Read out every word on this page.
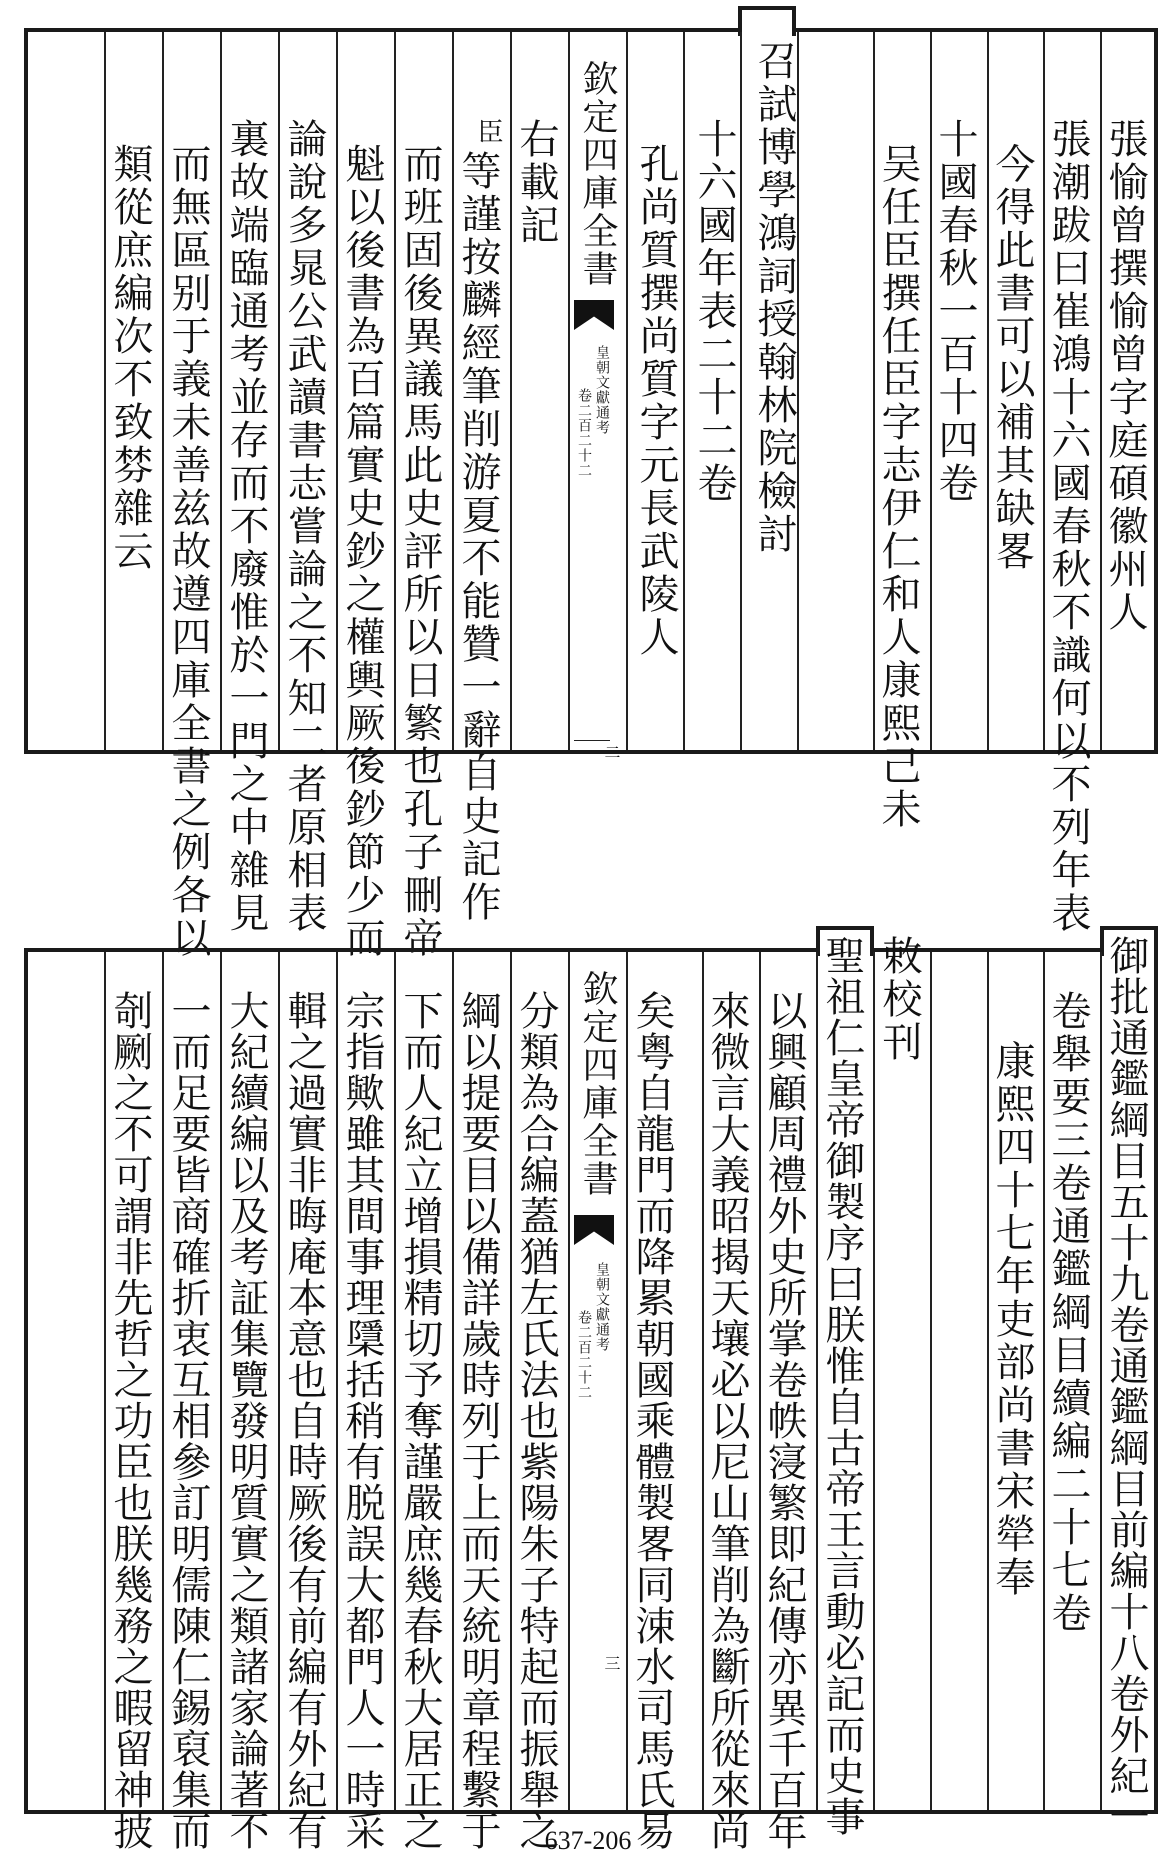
張愉曾撰愉曾字庭碩徽州人
張潮跋曰崔鴻十六國春秋不識何以不列年表
今得此書可以補其缺畧
十國春秋一百十四卷
吴任臣撰任臣字志伊仁和人康熙己未
召試博學鴻詞授翰林院檢討
十六國年表二十二卷
孔尚質撰尚質字元長武陵人
欽定四庫全書
皇朝文獻通考
卷二百二十二
二
右載記
臣
等謹按麟經筆削游夏不能贊一辭自史記作
而班固後異議馬此史評所以日繁也孔子刪帝
魁以後書為百篇實史鈔之權輿厥後鈔節少而
論說多晁公武讀書志嘗論之不知二者原相表
裏故端臨通考並存而不廢惟於一門之中雜見
而無區别于義未善兹故遵四庫全書之例各以
類從庶編次不致棼雜云
御批通鑑綱目五十九卷通鑑綱目前編十八卷外紀一
卷舉要三卷通鑑綱目續編二十七卷
康熙四十七年吏部尚書宋犖奉
敕校刊
聖祖仁皇帝御製序曰朕惟自古帝王言動必記而史事
以興顧周禮外史所掌卷帙寖繁即紀傳亦異千百年
來微言大義昭揭天壤必以尼山筆削為斷所從來尚
矣粤自龍門而降累朝國乘體製畧同涑水司馬氏易
分類為合編蓋猶左氏法也紫陽朱子特起而振舉之 欽定四庫全書
皇朝文獻通考
卷二百二十二
三
綱以提要目以備詳歲時列于上而天統明章程繫于
下而人紀立增損精切予奪謹嚴庶幾春秋大居正之
宗指歟雖其間事理檃括稍有脱誤大都門人一時采
輯之過實非晦庵本意也自時厥後有前編有外紀有
大紀續編以及考証集覽發明質實之類諸家論著不
一而足要皆商確折衷互相參訂明儒陳仁錫裒集而
剞劂之不可謂非先哲之功臣也朕幾務之暇留神披	637-206
